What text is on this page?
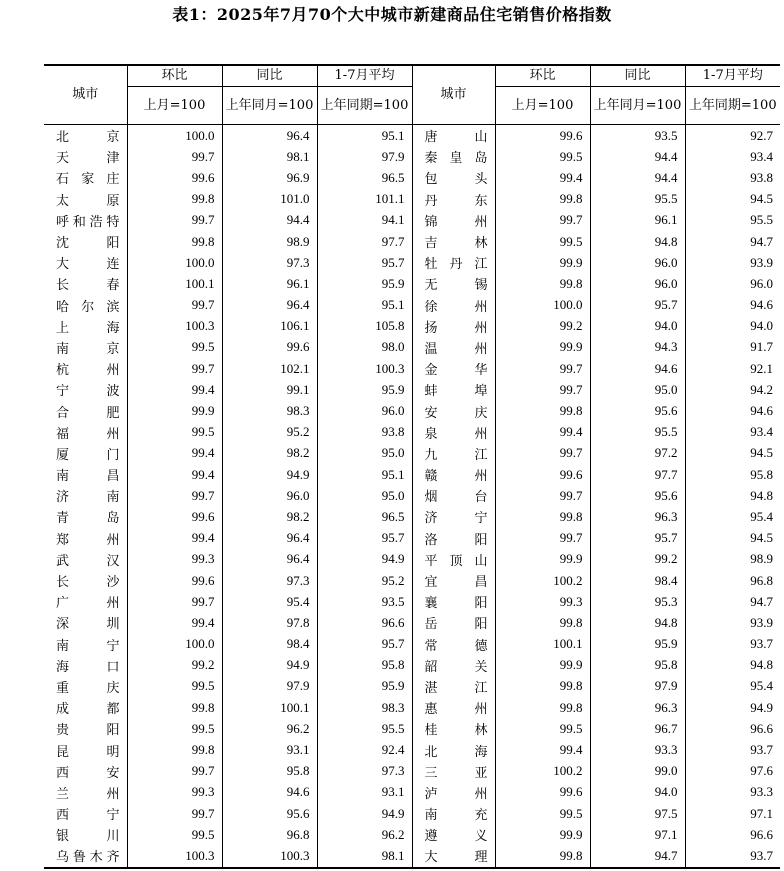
表1：2025年7月70个大中城市新建商品住宅销售价格指数
城市	环比	同比	1-7月平均	城市	环比	同比	1-7月平均
	上月=100	上年同月=100	上年同期=100		上月=100	上年同月=100	上年同期=100
北京	100.0	96.4	95.1	唐山	99.6	93.5	92.7
天津	99.7	98.1	97.9	秦皇岛	99.5	94.4	93.4
石家庄	99.6	96.9	96.5	包头	99.4	94.4	93.8
太原	99.8	101.0	101.1	丹东	99.8	95.5	94.5
呼和浩特	99.7	94.4	94.1	锦州	99.7	96.1	95.5
沈阳	99.8	98.9	97.7	吉林	99.5	94.8	94.7
大连	100.0	97.3	95.7	牡丹江	99.9	96.0	93.9
长春	100.1	96.1	95.9	无锡	99.8	96.0	96.0
哈尔滨	99.7	96.4	95.1	徐州	100.0	95.7	94.6
上海	100.3	106.1	105.8	扬州	99.2	94.0	94.0
南京	99.5	99.6	98.0	温州	99.9	94.3	91.7
杭州	99.7	102.1	100.3	金华	99.7	94.6	92.1
宁波	99.4	99.1	95.9	蚌埠	99.7	95.0	94.2
合肥	99.9	98.3	96.0	安庆	99.8	95.6	94.6
福州	99.5	95.2	93.8	泉州	99.4	95.5	93.4
厦门	99.4	98.2	95.0	九江	99.7	97.2	94.5
南昌	99.4	94.9	95.1	赣州	99.6	97.7	95.8
济南	99.7	96.0	95.0	烟台	99.7	95.6	94.8
青岛	99.6	98.2	96.5	济宁	99.8	96.3	95.4
郑州	99.4	96.4	95.7	洛阳	99.7	95.7	94.5
武汉	99.3	96.4	94.9	平顶山	99.9	99.2	98.9
长沙	99.6	97.3	95.2	宜昌	100.2	98.4	96.8
广州	99.7	95.4	93.5	襄阳	99.3	95.3	94.7
深圳	99.4	97.8	96.6	岳阳	99.8	94.8	93.9
南宁	100.0	98.4	95.7	常德	100.1	95.9	93.7
海口	99.2	94.9	95.8	韶关	99.9	95.8	94.8
重庆	99.5	97.9	95.9	湛江	99.8	97.9	95.4
成都	99.8	100.1	98.3	惠州	99.8	96.3	94.9
贵阳	99.5	96.2	95.5	桂林	99.5	96.7	96.6
昆明	99.8	93.1	92.4	北海	99.4	93.3	93.7
西安	99.7	95.8	97.3	三亚	100.2	99.0	97.6
兰州	99.3	94.6	93.1	泸州	99.6	94.0	93.3
西宁	99.7	95.6	94.9	南充	99.5	97.5	97.1
银川	99.5	96.8	96.2	遵义	99.9	97.1	96.6
乌鲁木齐	100.3	100.3	98.1	大理	99.8	94.7	93.7
